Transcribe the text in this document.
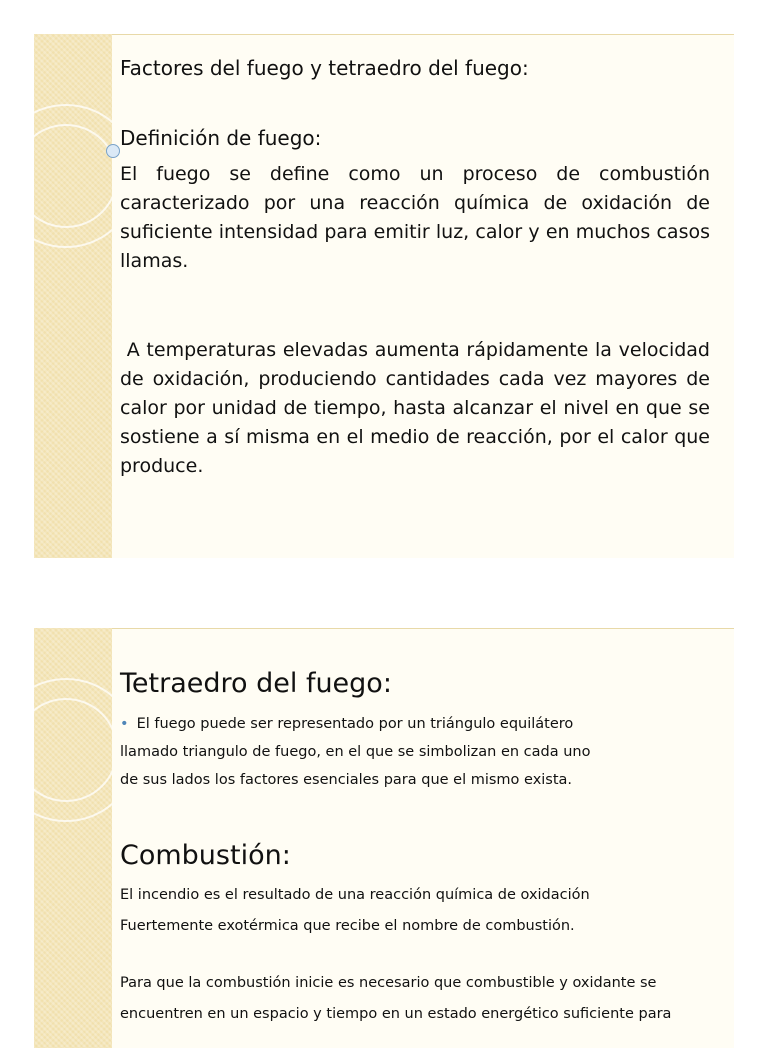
Factores del fuego y tetraedro del fuego:
Definición de fuego:
El fuego se define como un proceso de combustión caracterizado por una reacción química de oxidación de suficiente intensidad para emitir luz, calor y en muchos casos llamas.
A temperaturas elevadas aumenta rápidamente la velocidad de oxidación, produciendo cantidades cada vez mayores de calor por unidad de tiempo, hasta alcanzar el nivel en que se sostiene a sí misma en el medio de reacción, por el calor que produce.
Tetraedro del fuego:
• El fuego puede ser representado por un triángulo equilátero
llamado triangulo de fuego, en el que se simbolizan en cada uno
de sus lados los factores esenciales para que el mismo exista.
Combustión:
El incendio es el resultado de una reacción química de oxidación
Fuertemente exotérmica que recibe el nombre de combustión.
Para que la combustión inicie es necesario que combustible y oxidante se
encuentren en un espacio y tiempo en un estado energético suficiente para
